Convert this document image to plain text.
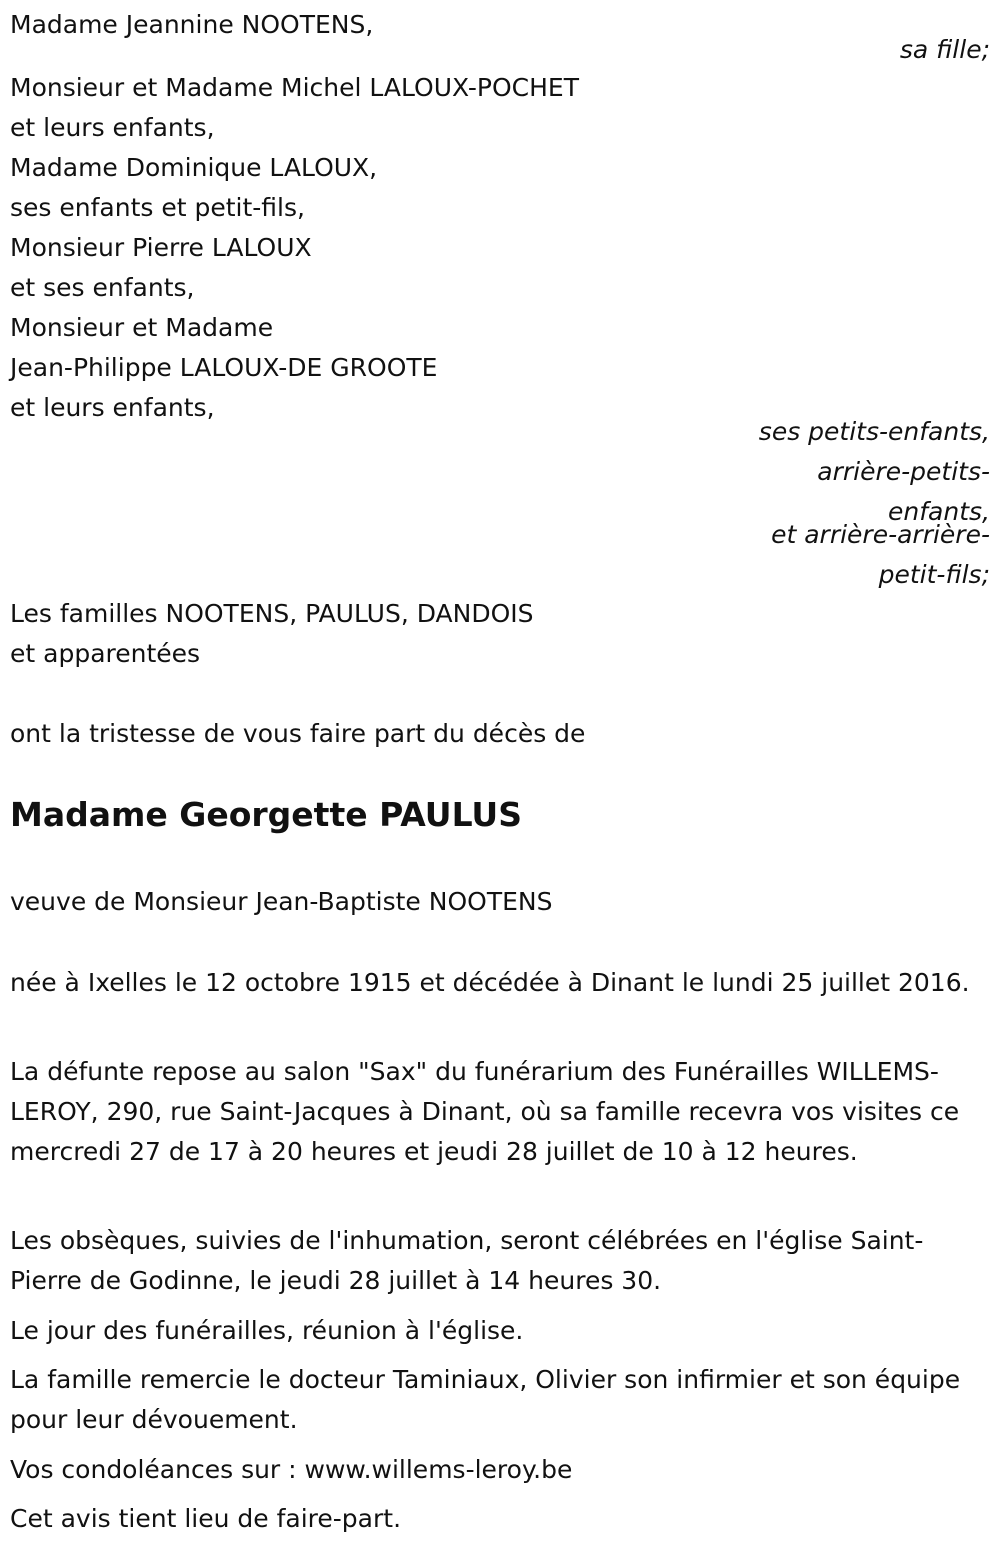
Madame Jeannine NOOTENS,
sa fille;
Monsieur et Madame Michel LALOUX-POCHET
et leurs enfants,
Madame Dominique LALOUX,
ses enfants et petit-fils,
Monsieur Pierre LALOUX
et ses enfants,
Monsieur et Madame
Jean-Philippe LALOUX-DE GROOTE
et leurs enfants,
ses petits-enfants,
arrière-petits-
enfants,
et arrière-arrière-
petit-fils;
Les familles NOOTENS, PAULUS, DANDOIS
et apparentées
ont la tristesse de vous faire part du décès de
Madame Georgette PAULUS
veuve de Monsieur Jean-Baptiste NOOTENS
née à Ixelles le 12 octobre 1915 et décédée à Dinant le lundi 25 juillet 2016.
La défunte repose au salon "Sax" du funérarium des Funérailles WILLEMS-LEROY, 290, rue Saint-Jacques à Dinant, où sa famille recevra vos visites ce mercredi 27 de 17 à 20 heures et jeudi 28 juillet de 10 à 12 heures.
Les obsèques, suivies de l'inhumation, seront célébrées en l'église Saint-Pierre de Godinne, le jeudi 28 juillet à 14 heures 30.
Le jour des funérailles, réunion à l'église.
La famille remercie le docteur Taminiaux, Olivier son infirmier et son équipe pour leur dévouement.
Vos condoléances sur : www.willems-leroy.be
Cet avis tient lieu de faire-part.
